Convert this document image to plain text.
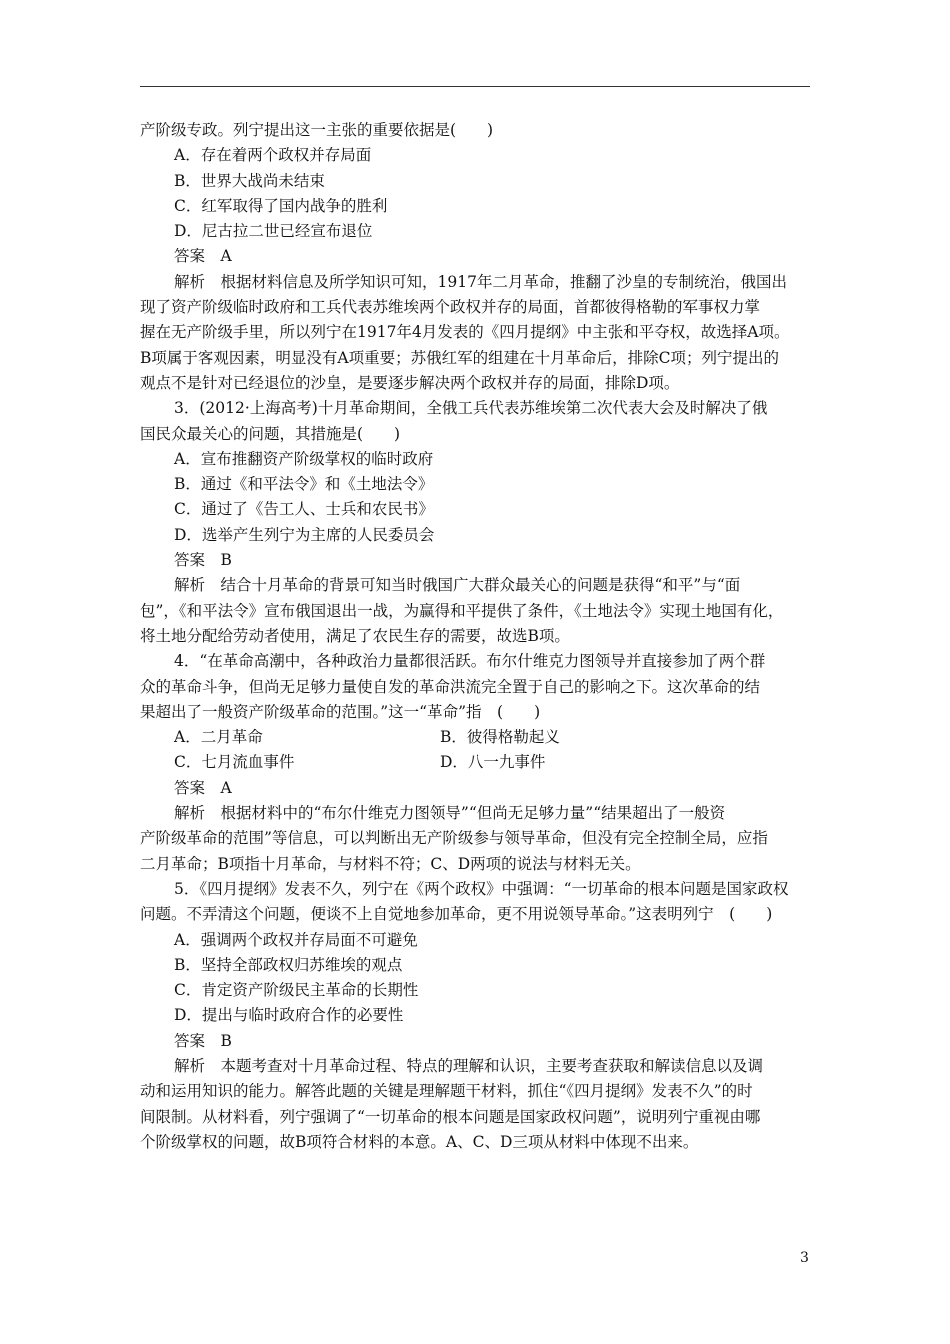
产阶级专政。列宁提出这一主张的重要依据是(　　)
A．存在着两个政权并存局面
B．世界大战尚未结束
C．红军取得了国内战争的胜利
D．尼古拉二世已经宣布退位
答案　A
解析　根据材料信息及所学知识可知，1917年二月革命，推翻了沙皇的专制统治，俄国出
现了资产阶级临时政府和工兵代表苏维埃两个政权并存的局面，首都彼得格勒的军事权力掌
握在无产阶级手里，所以列宁在1917年4月发表的《四月提纲》中主张和平夺权，故选择A项。
B项属于客观因素，明显没有A项重要；苏俄红军的组建在十月革命后，排除C项；列宁提出的
观点不是针对已经退位的沙皇，是要逐步解决两个政权并存的局面，排除D项。
3．(2012·上海高考)十月革命期间，全俄工兵代表苏维埃第二次代表大会及时解决了俄
国民众最关心的问题，其措施是(　　)
A．宣布推翻资产阶级掌权的临时政府
B．通过《和平法令》和《土地法令》
C．通过了《告工人、士兵和农民书》
D．选举产生列宁为主席的人民委员会
答案　B
解析　结合十月革命的背景可知当时俄国广大群众最关心的问题是获得“和平”与“面
包”，《和平法令》宣布俄国退出一战，为赢得和平提供了条件，《土地法令》实现土地国有化，
将土地分配给劳动者使用，满足了农民生存的需要，故选B项。
4．“在革命高潮中，各种政治力量都很活跃。布尔什维克力图领导并直接参加了两个群
众的革命斗争，但尚无足够力量使自发的革命洪流完全置于自己的影响之下。这次革命的结
果超出了一般资产阶级革命的范围。”这一“革命”指　(　　)
A．二月革命	B．彼得格勒起义
C．七月流血事件	D．八一九事件
答案　A
解析　根据材料中的“布尔什维克力图领导”“但尚无足够力量”“结果超出了一般资
产阶级革命的范围”等信息，可以判断出无产阶级参与领导革命，但没有完全控制全局，应指
二月革命；B项指十月革命，与材料不符；C、D两项的说法与材料无关。
5．《四月提纲》发表不久，列宁在《两个政权》中强调：“一切革命的根本问题是国家政权
问题。不弄清这个问题，便谈不上自觉地参加革命，更不用说领导革命。”这表明列宁　(　　)
A．强调两个政权并存局面不可避免
B．坚持全部政权归苏维埃的观点
C．肯定资产阶级民主革命的长期性
D．提出与临时政府合作的必要性
答案　B
解析　本题考查对十月革命过程、特点的理解和认识，主要考查获取和解读信息以及调
动和运用知识的能力。解答此题的关键是理解题干材料，抓住“《四月提纲》发表不久”的时
间限制。从材料看，列宁强调了“一切革命的根本问题是国家政权问题”，说明列宁重视由哪
个阶级掌权的问题，故B项符合材料的本意。A、C、D三项从材料中体现不出来。
3
